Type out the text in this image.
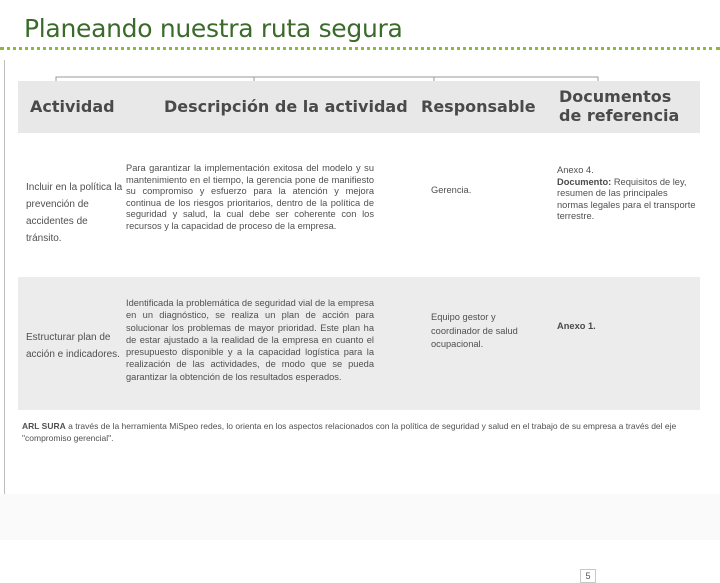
Planeando nuestra ruta segura
Actividad	Descripción de la actividad Responsable
Documentos
de referencia
Incluir en la política la prevención de accidentes de tránsito.
Para garantizar la implementación exitosa del modelo y su mantenimiento en el tiempo, la gerencia pone de manifiesto su compromiso y esfuerzo para la atención y mejora continua de los riesgos prioritarios, dentro de la política de seguridad y salud, la cual debe ser coherente con los recursos y la capacidad de proceso de la empresa.
Gerencia.
Anexo 4.
Documento: Requisitos de ley, resumen de las principales normas legales para el transporte terrestre.
Estructurar plan de acción e indicadores.
Identificada la problemática de seguridad vial de la empresa en un diagnóstico, se realiza un plan de acción para solucionar los problemas de mayor prioridad. Este plan ha de estar ajustado a la realidad de la empresa en cuanto el presupuesto disponible y a la capacidad logística para la realización de las actividades, de modo que se pueda garantizar la obtención de los resultados esperados.
Equipo gestor y coordinador de salud ocupacional.
Anexo 1.
5
ARL SURA a través de la herramienta MiSpeo redes, lo orienta en los aspectos relacionados con la política de seguridad y salud en el trabajo de su empresa a través del eje "compromiso gerencial".
